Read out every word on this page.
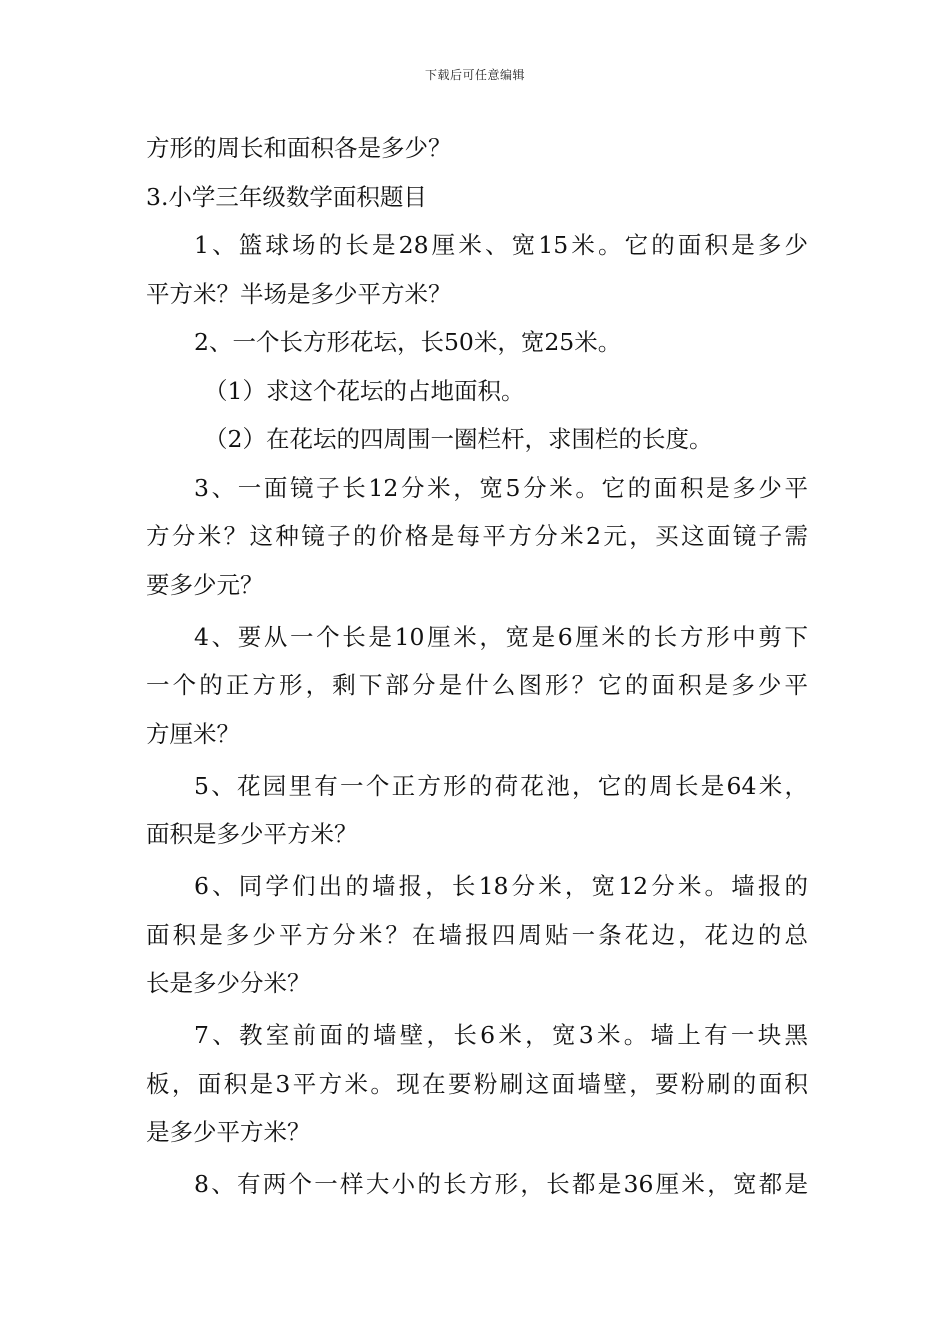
下载后可任意编辑
方形的周长和面积各是多少？
3.小学三年级数学面积题目
1、篮球场的长是28厘米、宽15米。它的面积是多少
平方米？半场是多少平方米？
2、一个长方形花坛，长50米，宽25米。
（1）求这个花坛的占地面积。
（2）在花坛的四周围一圈栏杆，求围栏的长度。
3、一面镜子长12分米，宽5分米。它的面积是多少平
方分米？这种镜子的价格是每平方分米2元，买这面镜子需
要多少元？
4、要从一个长是10厘米，宽是6厘米的长方形中剪下
一个的正方形，剩下部分是什么图形？它的面积是多少平
方厘米？
5、花园里有一个正方形的荷花池，它的周长是64米，
面积是多少平方米？
6、同学们出的墙报，长18分米，宽12分米。墙报的
面积是多少平方分米？在墙报四周贴一条花边，花边的总
长是多少分米？
7、教室前面的墙壁，长6米，宽3米。墙上有一块黑
板，面积是3平方米。现在要粉刷这面墙壁，要粉刷的面积
是多少平方米？
8、有两个一样大小的长方形，长都是36厘米，宽都是
